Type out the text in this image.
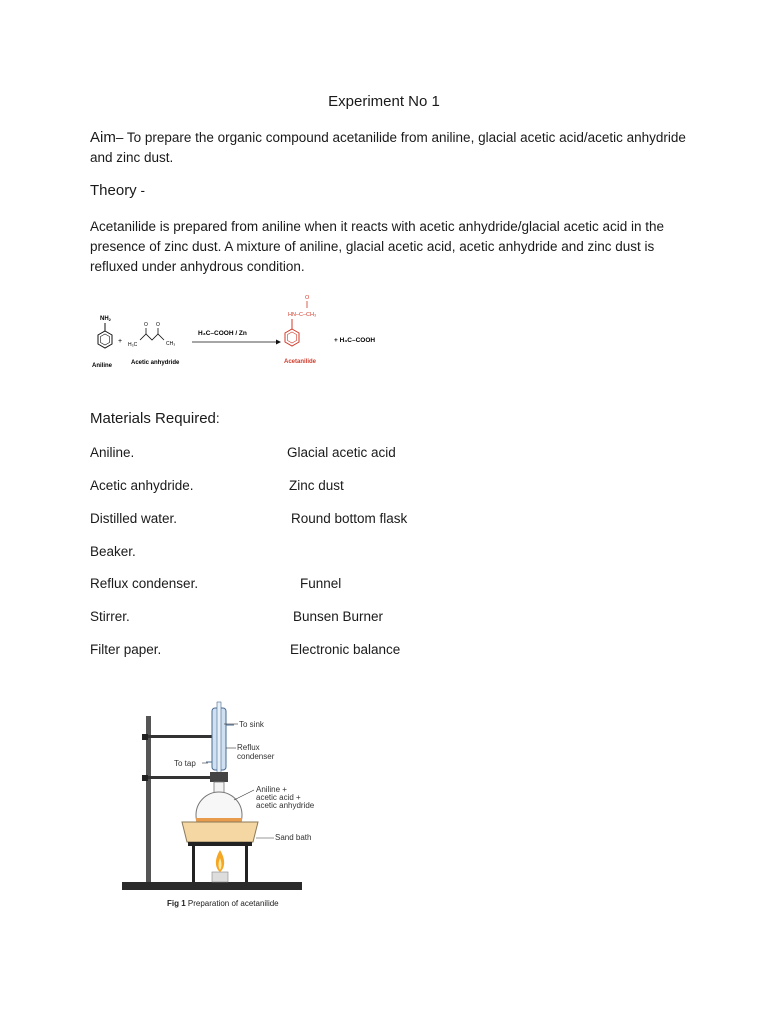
Experiment No 1
Aim– To prepare the organic compound acetanilide from aniline, glacial acetic acid/acetic anhydride and zinc dust.
Theory -
Acetanilide is prepared from aniline when it reacts with acetic anhydride/glacial acetic acid in the presence of zinc dust. A mixture of aniline, glacial acetic acid, acetic anhydride and zinc dust is refluxed under anhydrous condition.
NH2
Aniline
+ H₃C
O O
CH₃
Acetic anhydride
H₃C–COOH / Zn
O
HN–C–CH₃
Acetanilide
+ H₃C–COOH
Materials Required:
Aniline.	Glacial acetic acid
Acetic anhydride.	Zinc dust
Distilled water.	Round bottom flask
Beaker.
Reflux condenser.	Funnel
Stirrer.	Bunsen Burner
Filter paper.	Electronic balance
To sink
Reflux
condenser
To tap
Aniline +
acetic acid +
acetic anhydride
Sand bath
Fig 1 Preparation of acetanilide
